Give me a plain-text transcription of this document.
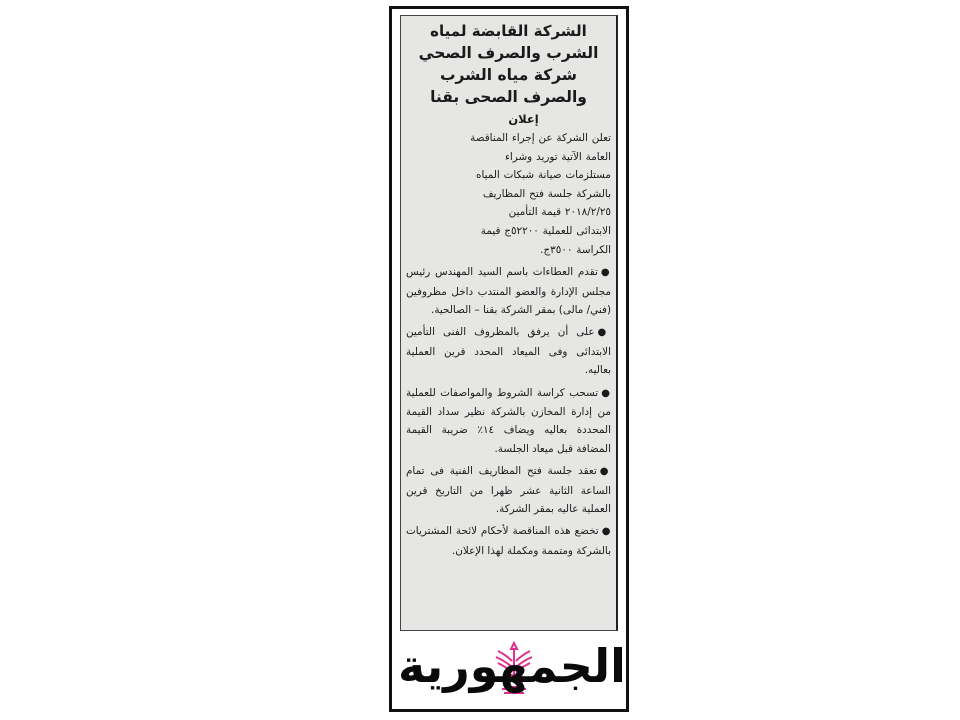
الشركة القابضة لمياه

الشرب والصرف الصحي

شركة مياه الشرب

والصرف الصحى بقنا

إعلان

تعلن الشركة عن إجراء المناقصة

العامة الآتية توريد وشراء

مستلزمات صيانة شبكات المياه

بالشركة جلسة فتح المظاريف

٢٠١٨/٢/٢٥ قيمة التأمين

الابتدائى للعملية ٥٢٢٠٠ج قيمة

الكراسة ٣٥٠٠ج.

●تقدم العطاءات باسم السيد المهندس رئيس مجلس الإدارة والعضو المنتدب داخل مظروفين (فني/ مالى) بمقر الشركة بقنا – الصالحية.

●على أن يرفق بالمظروف الفنى التأمين الابتدائى وفى الميعاد المحدد قرين العملية بعاليه.

●تسحب كراسة الشروط والمواصفات للعملية من إدارة المخازن بالشركة نظير سداد القيمة المحددة بعاليه ويضاف ١٤٪ ضريبة القيمة المضافة قبل ميعاد الجلسة.

●تعقد جلسة فتح المظاريف الفنية فى تمام الساعة الثانية عشر ظهرا من التاريخ قرين العملية عاليه بمقر الشركة.

●تخضع هذه المناقصة لأحكام لائحة المشتريات بالشركة ومتممة ومكملة لهذا الإعلان.

الجمهورية
